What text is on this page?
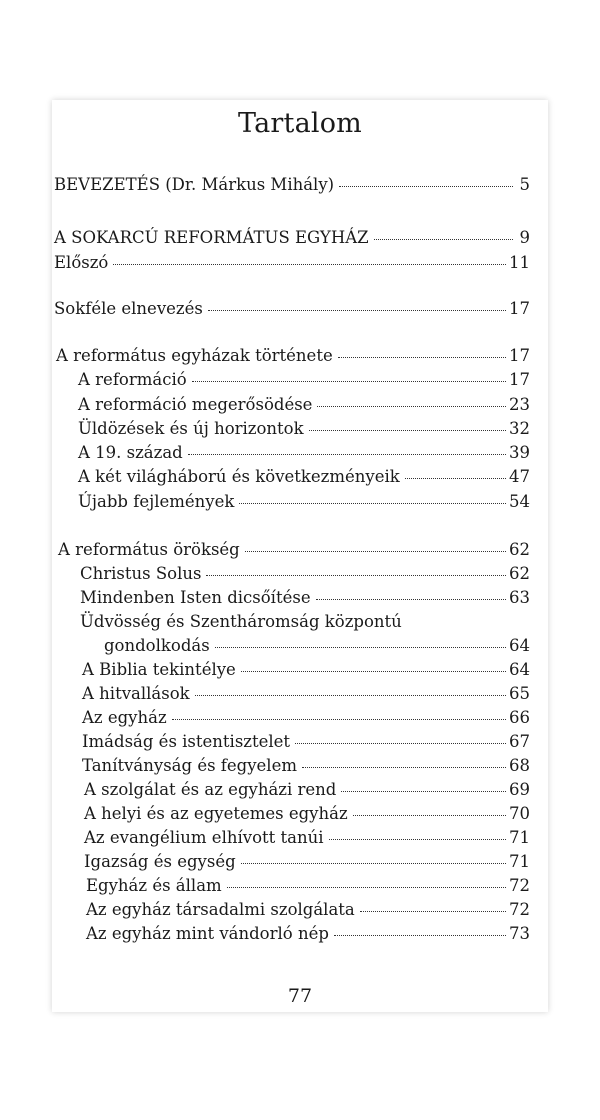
Tartalom
BEVEZETÉS (Dr. Márkus Mihály)	5
A SOKARCÚ REFORMÁTUS EGYHÁZ	9
Előszó	11
Sokféle elnevezés	17
A református egyházak története	17
A reformáció	17
A reformáció megerősödése	23
Üldözések és új horizontok	32
A 19. század	39
A két világháború és következményeik	47
Újabb fejlemények	54
A református örökség	62
Christus Solus	62
Mindenben Isten dicsőítése	63
Üdvösség és Szentháromság központú
gondolkodás	64
A Biblia tekintélye	64
A hitvallások	65
Az egyház	66
Imádság és istentisztelet	67
Tanítványság és fegyelem	68
A szolgálat és az egyházi rend	69
A helyi és az egyetemes egyház	70
Az evangélium elhívott tanúi	71
Igazság és egység	71
Egyház és állam	72
Az egyház társadalmi szolgálata	72
Az egyház mint vándorló nép	73
77
